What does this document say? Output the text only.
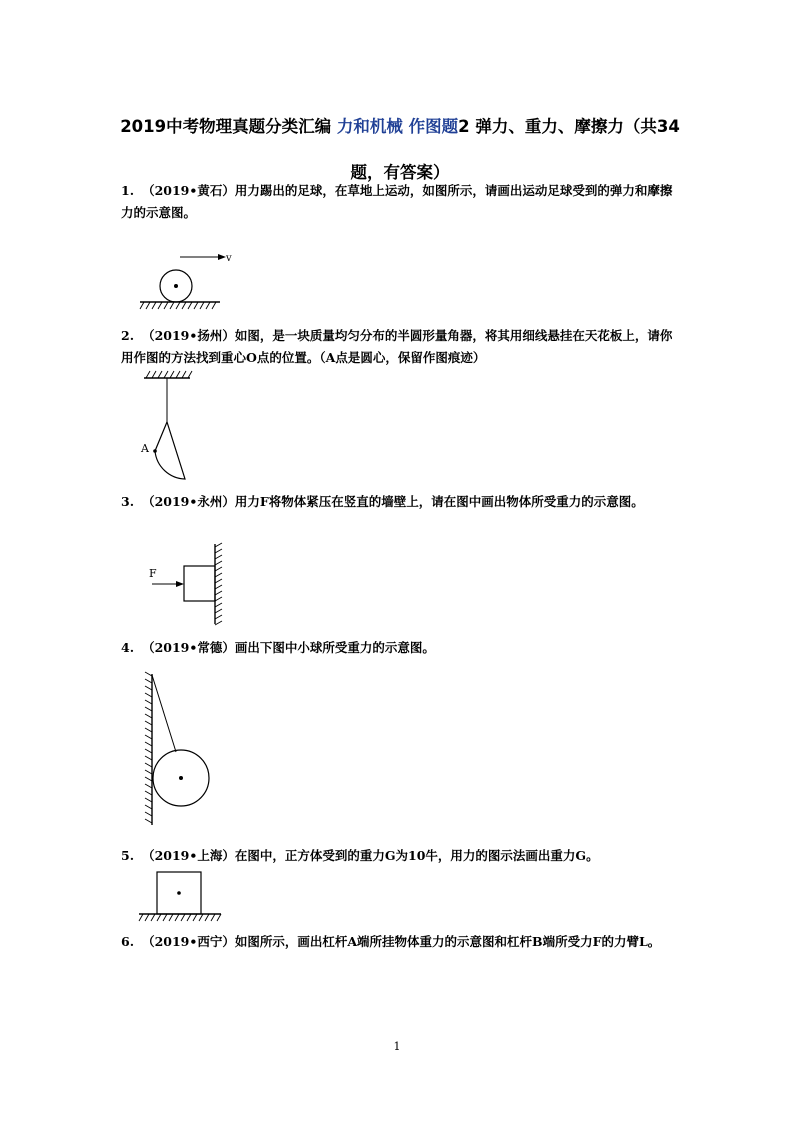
2019中考物理真题分类汇编 力和机械 作图题2 弹力、重力、摩擦力（共34题，有答案）
1. （2019•黄石）用力踢出的足球，在草地上运动，如图所示，请画出运动足球受到的弹力和摩擦力的示意图。
v
2. （2019•扬州）如图，是一块质量均匀分布的半圆形量角器，将其用细线悬挂在天花板上，请你用作图的方法找到重心O点的位置。（A点是圆心，保留作图痕迹）
A
3. （2019•永州）用力F将物体紧压在竖直的墙壁上，请在图中画出物体所受重力的示意图。
F
4. （2019•常德）画出下图中小球所受重力的示意图。
5. （2019•上海）在图中，正方体受到的重力G为10牛，用力的图示法画出重力G。
6. （2019•西宁）如图所示，画出杠杆A端所挂物体重力的示意图和杠杆B端所受力F的力臂L。
1
